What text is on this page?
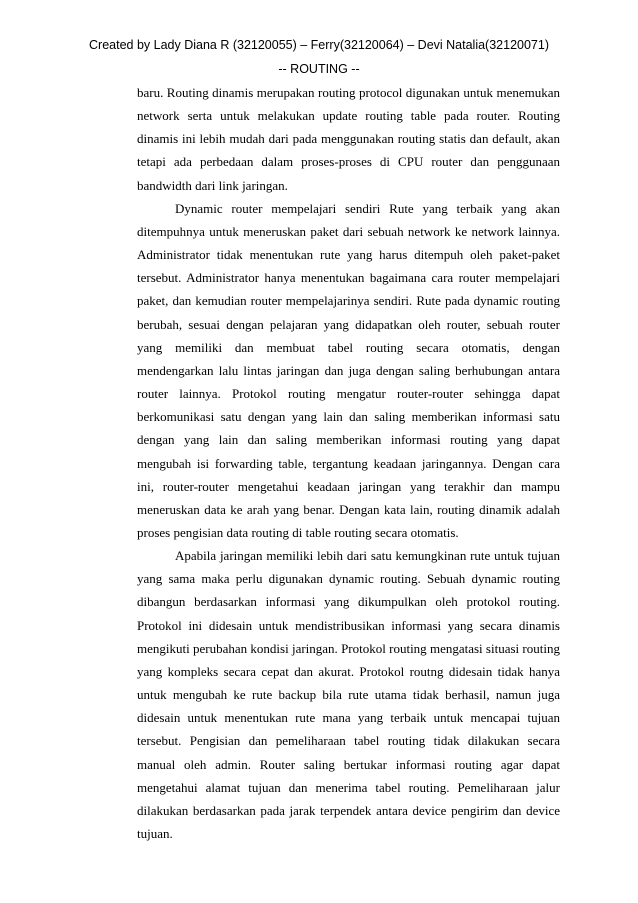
Created by Lady Diana R (32120055) – Ferry(32120064) – Devi Natalia(32120071)
-- ROUTING --

baru. Routing dinamis merupakan routing protocol digunakan untuk menemukan network serta untuk melakukan update routing table pada router. Routing dinamis ini lebih mudah dari pada menggunakan routing statis dan default, akan tetapi ada perbedaan dalam proses-proses di CPU router dan penggunaan bandwidth dari link jaringan.

Dynamic router mempelajari sendiri Rute yang terbaik yang akan ditempuhnya untuk meneruskan paket dari sebuah network ke network lainnya. Administrator tidak menentukan rute yang harus ditempuh oleh paket-paket tersebut. Administrator hanya menentukan bagaimana cara router mempelajari paket, dan kemudian router mempelajarinya sendiri. Rute pada dynamic routing berubah, sesuai dengan pelajaran yang didapatkan oleh router, sebuah router yang memiliki dan membuat tabel routing secara otomatis, dengan mendengarkan lalu lintas jaringan dan juga dengan saling berhubungan antara router lainnya. Protokol routing mengatur router-router sehingga dapat berkomunikasi satu dengan yang lain dan saling memberikan informasi satu dengan yang lain dan saling memberikan informasi routing yang dapat mengubah isi forwarding table, tergantung keadaan jaringannya. Dengan cara ini, router-router mengetahui keadaan jaringan yang terakhir dan mampu meneruskan data ke arah yang benar. Dengan kata lain, routing dinamik adalah proses pengisian data routing di table routing secara otomatis.

Apabila jaringan memiliki lebih dari satu kemungkinan rute untuk tujuan yang sama maka perlu digunakan dynamic routing. Sebuah dynamic routing dibangun berdasarkan informasi yang dikumpulkan oleh protokol routing. Protokol ini didesain untuk mendistribusikan informasi yang secara dinamis mengikuti perubahan kondisi jaringan. Protokol routing mengatasi situasi routing yang kompleks secara cepat dan akurat. Protokol routng didesain tidak hanya untuk mengubah ke rute backup bila rute utama tidak berhasil, namun juga didesain untuk menentukan rute mana yang terbaik untuk mencapai tujuan tersebut. Pengisian dan pemeliharaan tabel routing tidak dilakukan secara manual oleh admin. Router saling bertukar informasi routing agar dapat mengetahui alamat tujuan dan menerima tabel routing. Pemeliharaan jalur dilakukan berdasarkan pada jarak terpendek antara device pengirim dan device tujuan.
